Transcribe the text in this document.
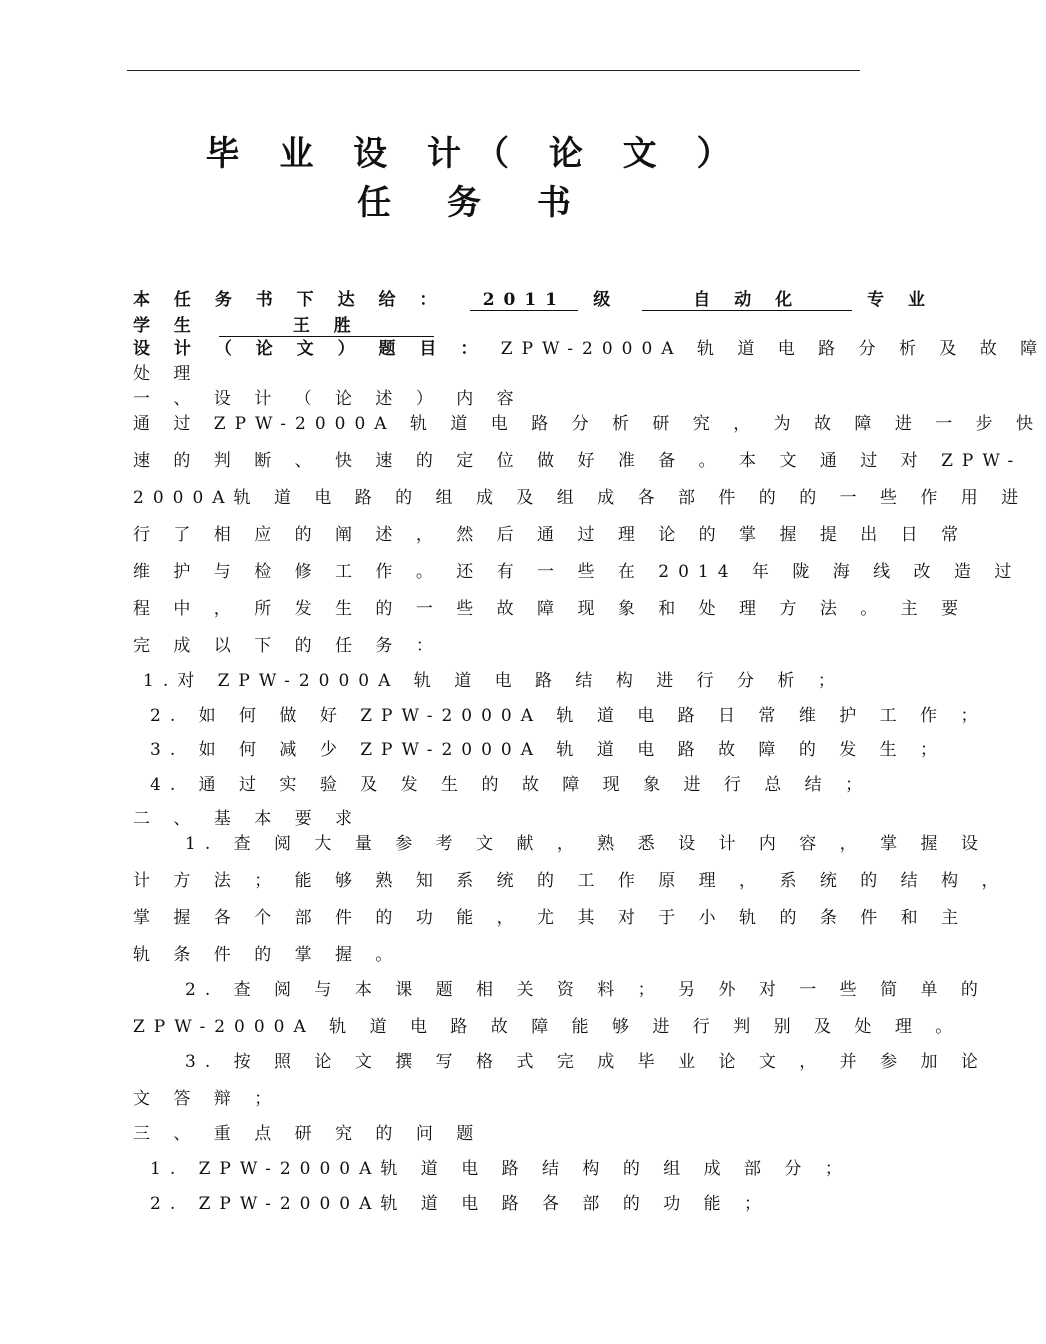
毕 业 设 计（ 论 文 ）
任 务 书
本 任 务 书 下 达 给 ： 2011 级	自 动 化	专 业
学 生	王 胜
设 计 （ 论 文 ） 题 目 ： ZPW-2000A 轨 道 电 路 分 析 及 故 障
处 理
一 、 设 计 （ 论 述 ） 内 容
通 过 ZPW-2000A 轨 道 电 路 分 析 研 究 ， 为 故 障 进 一 步 快
速 的 判 断 、 快 速 的 定 位 做 好 准 备 。 本 文 通 过 对 ZPW-
2000A轨 道 电 路 的 组 成 及 组 成 各 部 件 的 的 一 些 作 用 进
行 了 相 应 的 阐 述 ， 然 后 通 过 理 论 的 掌 握 提 出 日 常
维 护 与 检 修 工 作 。 还 有 一 些 在 2014 年 陇 海 线 改 造 过
程 中 ， 所 发 生 的 一 些 故 障 现 象 和 处 理 方 法 。 主 要
完 成 以 下 的 任 务 ：
1.对 ZPW-2000A 轨 道 电 路 结 构 进 行 分 析 ；
2. 如 何 做 好 ZPW-2000A 轨 道 电 路 日 常 维 护 工 作 ；
3. 如 何 减 少 ZPW-2000A 轨 道 电 路 故 障 的 发 生 ；
4. 通 过 实 验 及 发 生 的 故 障 现 象 进 行 总 结 ；
二 、 基 本 要 求
1. 查 阅 大 量 参 考 文 献 ， 熟 悉 设 计 内 容 ， 掌 握 设
计 方 法 ； 能 够 熟 知 系 统 的 工 作 原 理 ， 系 统 的 结 构 ，
掌 握 各 个 部 件 的 功 能 ， 尤 其 对 于 小 轨 的 条 件 和 主
轨 条 件 的 掌 握 。
2. 查 阅 与 本 课 题 相 关 资 料 ； 另 外 对 一 些 简 单 的
ZPW-2000A 轨 道 电 路 故 障 能 够 进 行 判 别 及 处 理 。
3. 按 照 论 文 撰 写 格 式 完 成 毕 业 论 文 ， 并 参 加 论
文 答 辩 ；
三 、 重 点 研 究 的 问 题
1. ZPW-2000A轨 道 电 路 结 构 的 组 成 部 分 ；
2. ZPW-2000A轨 道 电 路 各 部 的 功 能 ；
